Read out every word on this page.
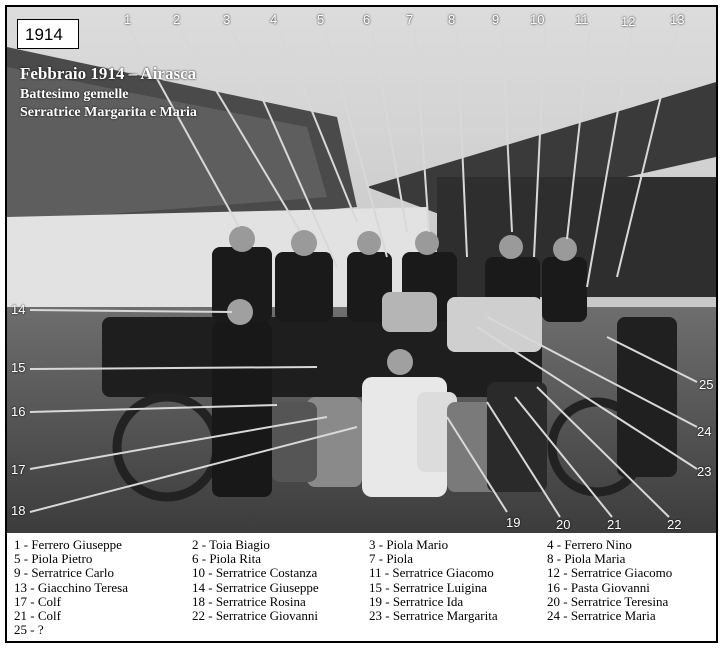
1914
Febbraio 1914 – Airasca
Battesimo gemelle
Serratrice Margarita e Maria
1	2	3	4	5	6	7	8	9 10 11	12	13
14
15
16
17
18
19	20	21	22
23
24
25
1 - Ferrero Giuseppe	2 - Toia Biagio	3 - Piola Mario	4 - Ferrero Nino
5 - Piola Pietro	6 - Piola Rita	7 - Piola	8 - Piola Maria
9 - Serratrice Carlo	10 - Serratrice Costanza	11 - Serratrice Giacomo	12 - Serratrice Giacomo
13 - Giacchino Teresa	14 - Serratrice Giuseppe	15 - Serratrice Luigina	16 - Pasta Giovanni
17 - Colf	18 - Serratrice Rosina	19 - Serratrice Ida	20 - Serratrice Teresina
21 - Colf	22 - Serratrice Giovanni	23 - Serratrice Margarita	24 - Serratrice Maria
25 - ?
